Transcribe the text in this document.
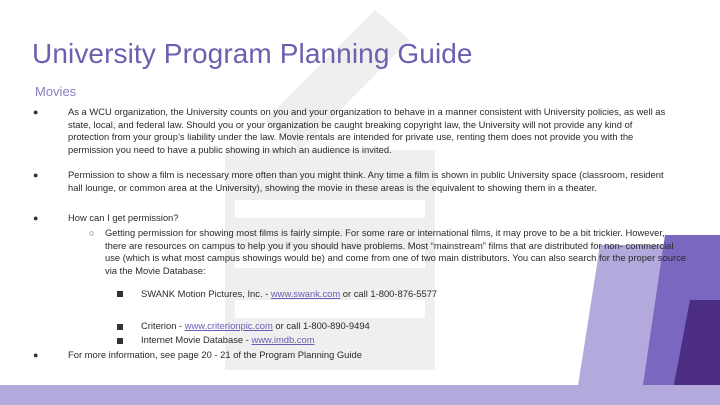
CAMERAMAN
University Program Planning Guide
Movies
●	As a WCU organization, the University counts on you and your organization to behave in a manner consistent with University policies, as well as state, local, and federal law. Should you or your organization be caught breaking copyright law, the University will not provide any kind of protection from your group’s liability under the law. Movie rentals are intended for private use, renting them does not provide you with the permission you need to have a public showing in which an audience is invited.
●	Permission to show a film is necessary more often than you might think. Any time a film is shown in public University space (classroom, resident hall lounge, or common area at the University), showing the movie in these areas is the equivalent to showing them in a theater.
●	How can I get permission?
○ Getting permission for showing most films is fairly simple. For some rare or international films, it may prove to be a bit trickier. However, there are resources on campus to help you if you should have problems. Most “mainstream” films that are distributed for non- commercial use (which is what most campus showings would be) and come from one of two main distributors. You can also search for the proper source via the Movie Database:
SWANK Motion Pictures, Inc. - www.swank.com or call 1-800-876-5577
Criterion - www.criterionpic.com or call 1-800-890-9494
Internet Movie Database - www.imdb.com
●	For more information, see page 20 - 21 of the Program Planning Guide
